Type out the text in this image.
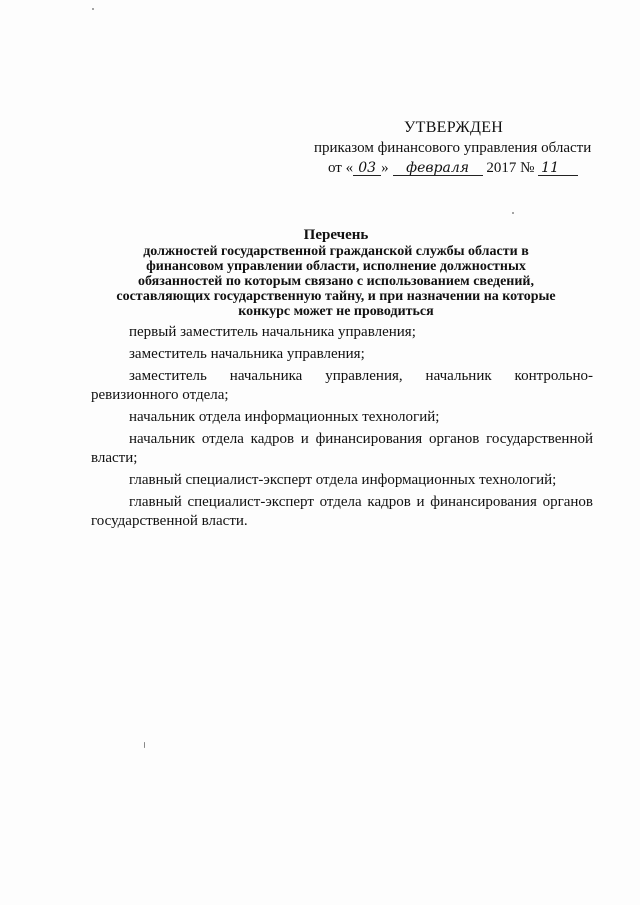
УТВЕРЖДЕН
приказом финансового управления области
от « 03 » февраля 2017 № 11
Перечень
должностей государственной гражданской службы области в
финансовом управлении области, исполнение должностных
обязанностей по которым связано с использованием сведений,
составляющих государственную тайну, и при назначении на которые
конкурс может не проводиться

первый заместитель начальника управления;

заместитель начальника управления;

заместитель начальника управления, начальник контрольно-ревизионного отдела;

начальник отдела информационных технологий;

начальник отдела кадров и финансирования органов государственной власти;

главный специалист-эксперт отдела информационных технологий;

главный специалист-эксперт отдела кадров и финансирования органов государственной власти.
